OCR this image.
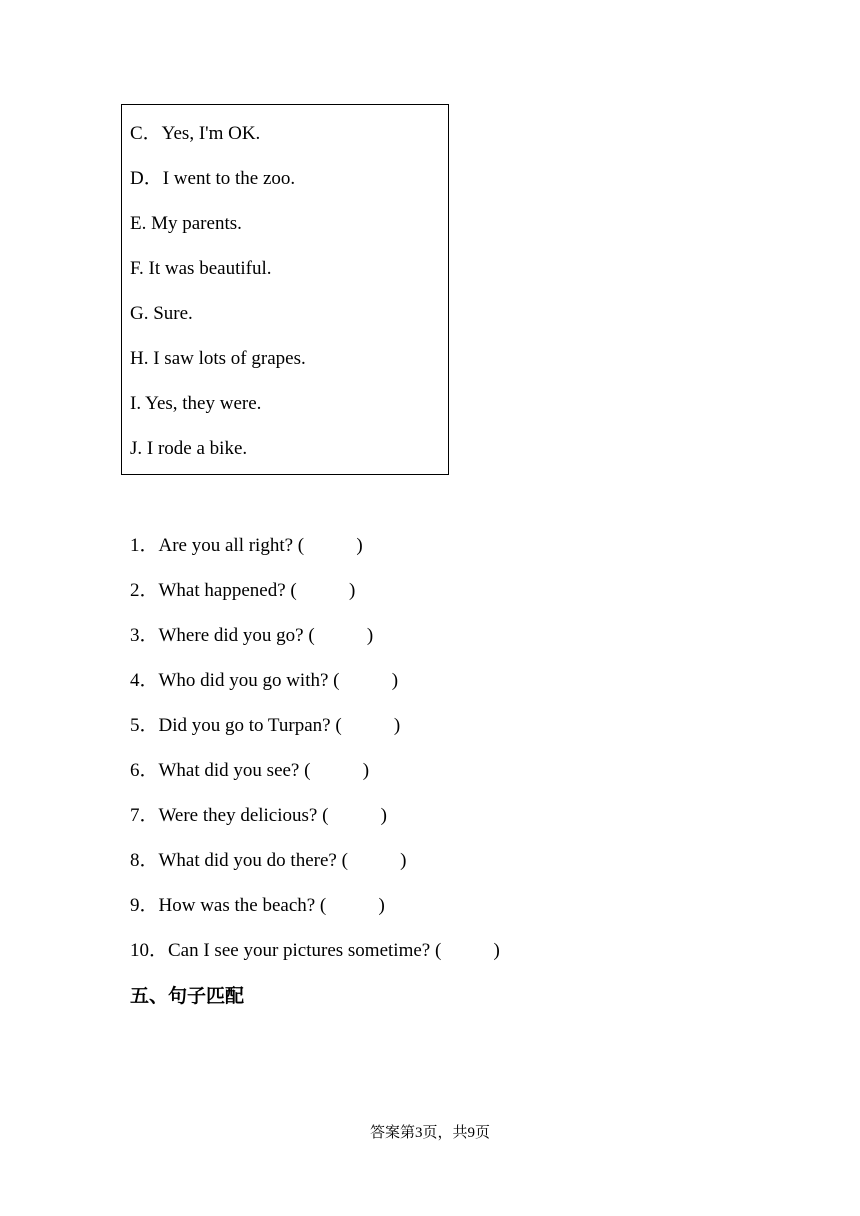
C．Yes, I'm OK.
D．I went to the zoo.
E. My parents.
F. It was beautiful.
G. Sure.
H. I saw lots of grapes.
I. Yes, they were.
J. I rode a bike.
1．Are you all right? (           )
2．What happened? (           )
3．Where did you go? (           )
4．Who did you go with? (           )
5．Did you go to Turpan? (           )
6．What did you see? (           )
7．Were they delicious? (           )
8．What did you do there? (           )
9．How was the beach? (           )
10．Can I see your pictures sometime? (           )
五、句子匹配
答案第3页，共9页
